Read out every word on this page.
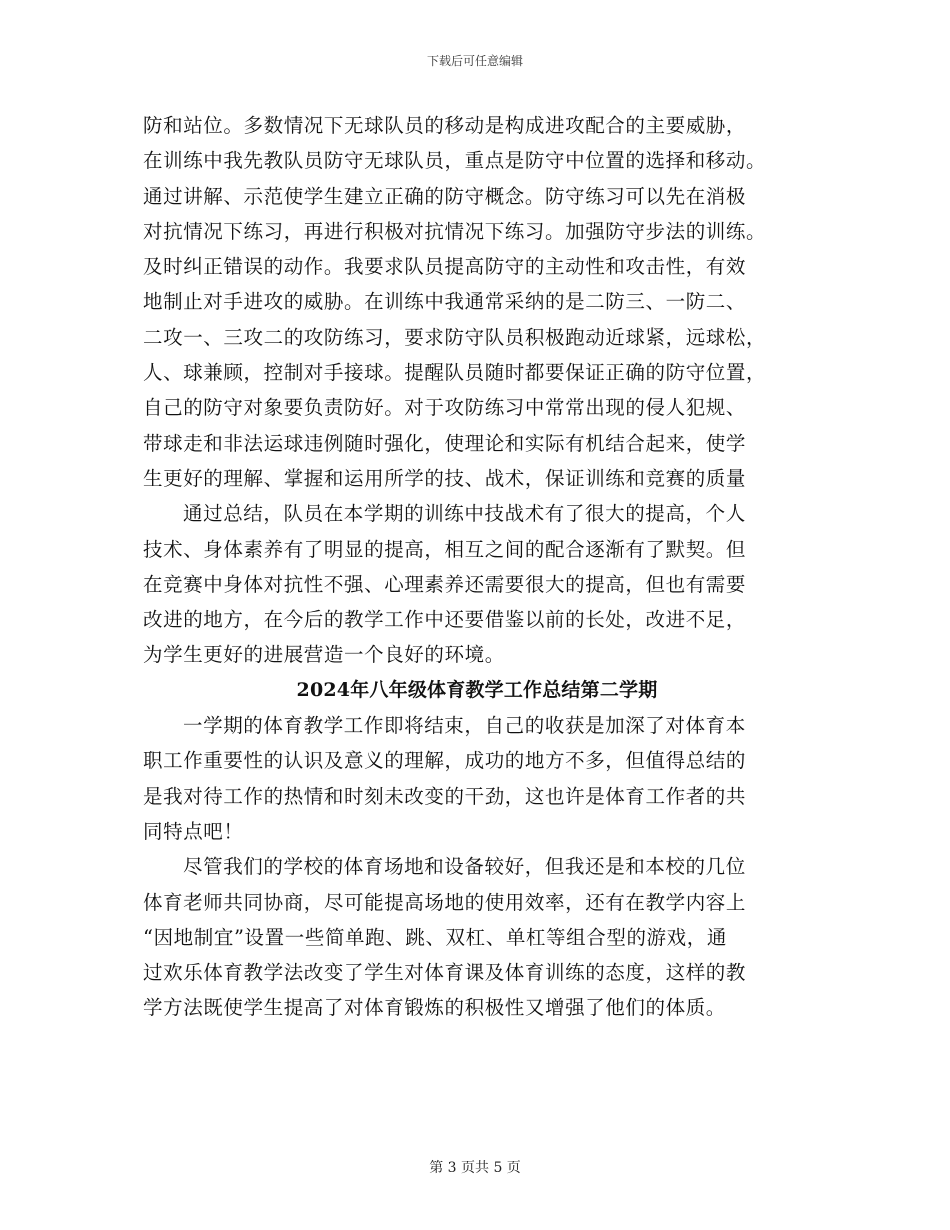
下载后可任意编辑
防和站位。多数情况下无球队员的移动是构成进攻配合的主要威胁，
在训练中我先教队员防守无球队员，重点是防守中位置的选择和移动。
通过讲解、示范使学生建立正确的防守概念。防守练习可以先在消极
对抗情况下练习，再进行积极对抗情况下练习。加强防守步法的训练。
及时纠正错误的动作。我要求队员提高防守的主动性和攻击性，有效
地制止对手进攻的威胁。在训练中我通常采纳的是二防三、一防二、
二攻一、三攻二的攻防练习，要求防守队员积极跑动近球紧，远球松，
人、球兼顾，控制对手接球。提醒队员随时都要保证正确的防守位置，
自己的防守对象要负责防好。对于攻防练习中常常出现的侵人犯规、
带球走和非法运球违例随时强化，使理论和实际有机结合起来，使学
生更好的理解、掌握和运用所学的技、战术，保证训练和竞赛的质量
通过总结，队员在本学期的训练中技战术有了很大的提高，个人
技术、身体素养有了明显的提高，相互之间的配合逐渐有了默契。但
在竞赛中身体对抗性不强、心理素养还需要很大的提高，但也有需要
改进的地方，在今后的教学工作中还要借鉴以前的长处，改进不足，
为学生更好的进展营造一个良好的环境。
2024年八年级体育教学工作总结第二学期
一学期的体育教学工作即将结束，自己的收获是加深了对体育本
职工作重要性的认识及意义的理解，成功的地方不多，但值得总结的
是我对待工作的热情和时刻未改变的干劲，这也许是体育工作者的共
同特点吧！
尽管我们的学校的体育场地和设备较好，但我还是和本校的几位
体育老师共同协商，尽可能提高场地的使用效率，还有在教学内容上
“因地制宜”设置一些简单跑、跳、双杠、单杠等组合型的游戏，通
过欢乐体育教学法改变了学生对体育课及体育训练的态度，这样的教
学方法既使学生提高了对体育锻炼的积极性又增强了他们的体质。
第 3 页共 5 页
